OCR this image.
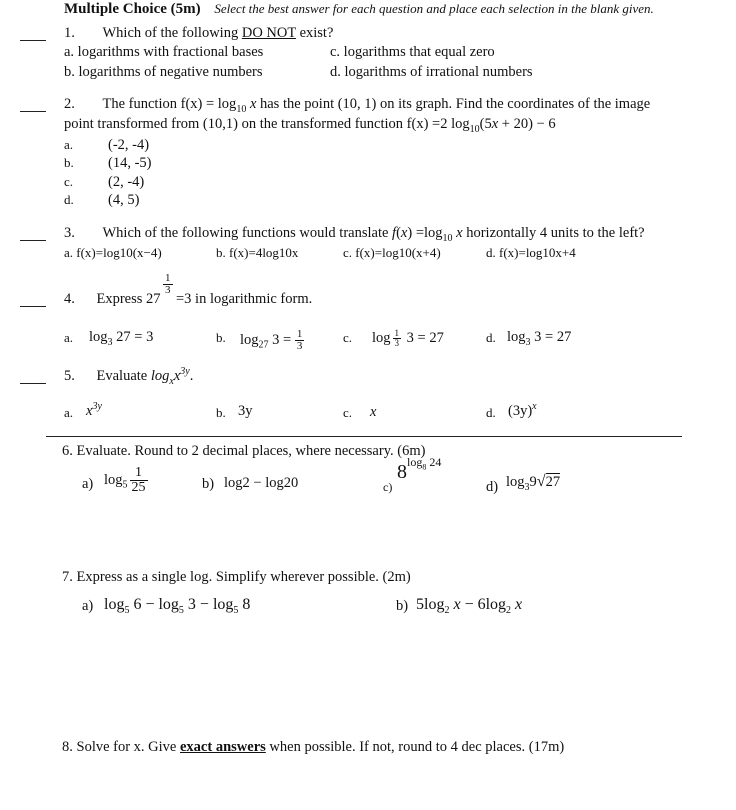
Multiple Choice (5m) Select the best answer for each question and place each selection in the blank given.
1. Which of the following DO NOT exist?
a. logarithms with fractional bases	c. logarithms that equal zero
b. logarithms of negative numbers	d. logarithms of irrational numbers
2. The function $f(x) = \log_{10} x$ has the point (10, 1) on its graph. Find the coordinates of the image
point transformed from (10,1) on the transformed function f(x) =2 $\log_{10}(5x + 20) - 6$
a. (-2, -4)
b. (14, -5)
c. (2, -4)
d. (4, 5)
3. Which of the following functions would translate $f(x) =\log_{10}$ x horizontally 4 units to the left?
a. f(x)=log10(x−4)	b. f(x)=4log10x	c. f(x)=log10(x+4)	d. f(x)=log10x+4
4. Express 27
$\frac{1}{3}$
=3 in logarithmic form.
a. $\log_3 27 = 3$	b. $\log_{27} 3 = \frac{1}{3}$	c. $\log \frac{1}{3} 3 = 27$	d. $\log_3 3 = 27$
5. Evaluate $\log_xx^{3y}$.
a. $x^{3y}$	b. 3y	c. x	d. $(3y)^x$
6. Evaluate. Round to 2 decimal places, where necessary. (6m)
a) $\log_5 \frac{1}{25}$	b) log2 − log20	c)
$8^{log_8 24}$
d) $\log_39√27$
7. Express as a single log. Simplify wherever possible. (2m)
a) $\log_5 6 - \log_5 3 - \log_5 8$	b) $5\log_2$ $x - 6\log_2$ x
8. Solve for x. Give exact answers when possible. If not, round to 4 dec places. (17m)
